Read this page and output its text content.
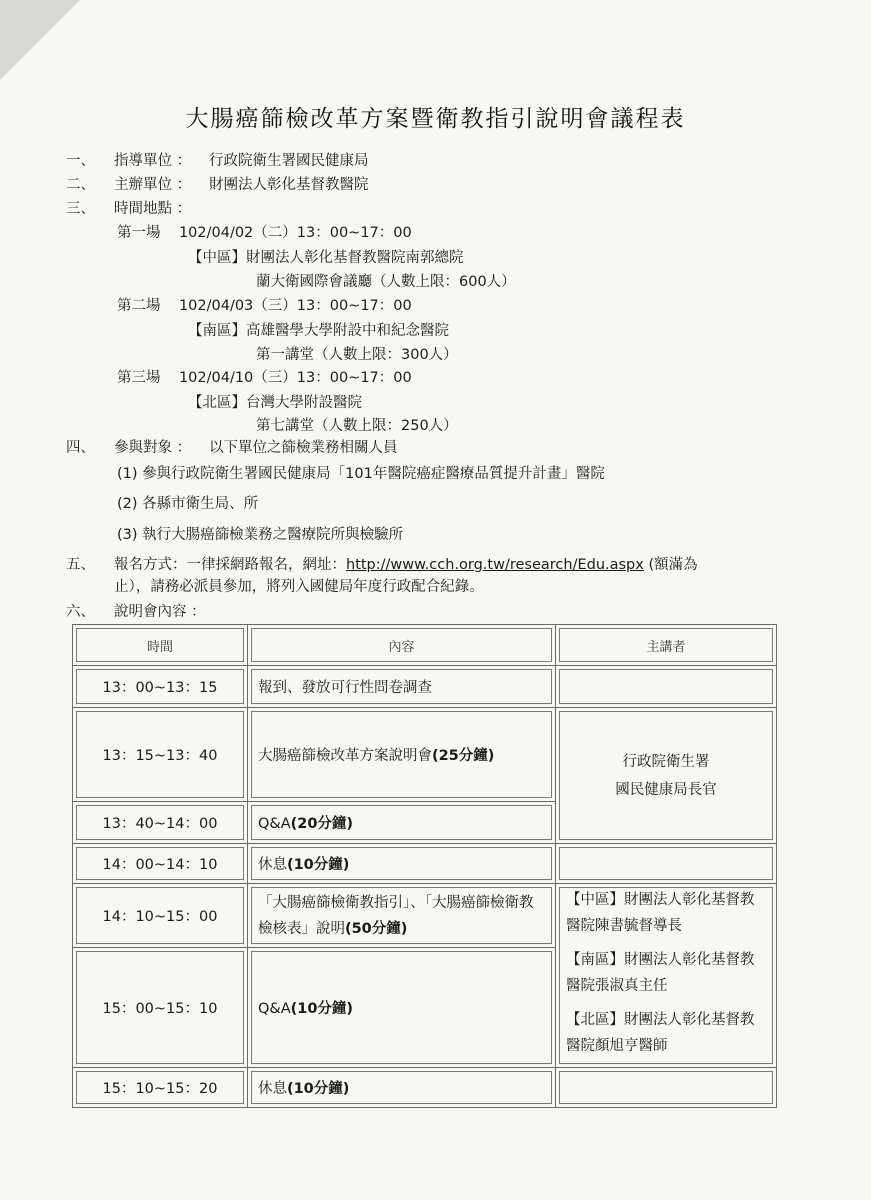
大腸癌篩檢改革方案暨衛教指引說明會議程表
一、 指導單位 ： 行政院衛生署國民健康局
二、 主辦單位 ： 財團法人彰化基督教醫院
三、 時間地點 ：
第一場 102/04/02（二）13：00~17：00
【中區】財團法人彰化基督教醫院南郭總院
蘭大衛國際會議廳（人數上限：600人）
第二場 102/04/03（三）13：00~17：00
【南區】高雄醫學大學附設中和紀念醫院
第一講堂（人數上限：300人）
第三場 102/04/10（三）13：00~17：00
【北區】台灣大學附設醫院
第七講堂（人數上限：250人）
四、 參與對象 ： 以下單位之篩檢業務相關人員
(1) 參與行政院衛生署國民健康局「101年醫院癌症醫療品質提升計畫」醫院
(2) 各縣市衛生局、所
(3) 執行大腸癌篩檢業務之醫療院所與檢驗所
五、 報名方式：一律採網路報名，網址：http://www.cch.org.tw/research/Edu.aspx (額滿為
止），請務必派員參加，將列入國健局年度行政配合紀錄。
六、 說明會內容 ：
時間	內容	主講者
13：00~13：15	報到、發放可行性問卷調查	
13：15~13：40	大腸癌篩檢改革方案說明會(25分鐘)	行政院衛生署
國民健康局長官

13：40~14：00	Q&A(20分鐘)	
14：00~14：10	休息(10分鐘)	
14：10~15：00	「大腸癌篩檢衛教指引」、「大腸癌篩檢衛教檢核表」說明(50分鐘)	【中區】財團法人彰化基督教醫院陳書毓督導長
【南區】財團法人彰化基督教醫院張淑真主任
【北區】財團法人彰化基督教醫院顏旭亨醫師

15：00~15：10	Q&A(10分鐘)	
15：10~15：20	休息(10分鐘)	
